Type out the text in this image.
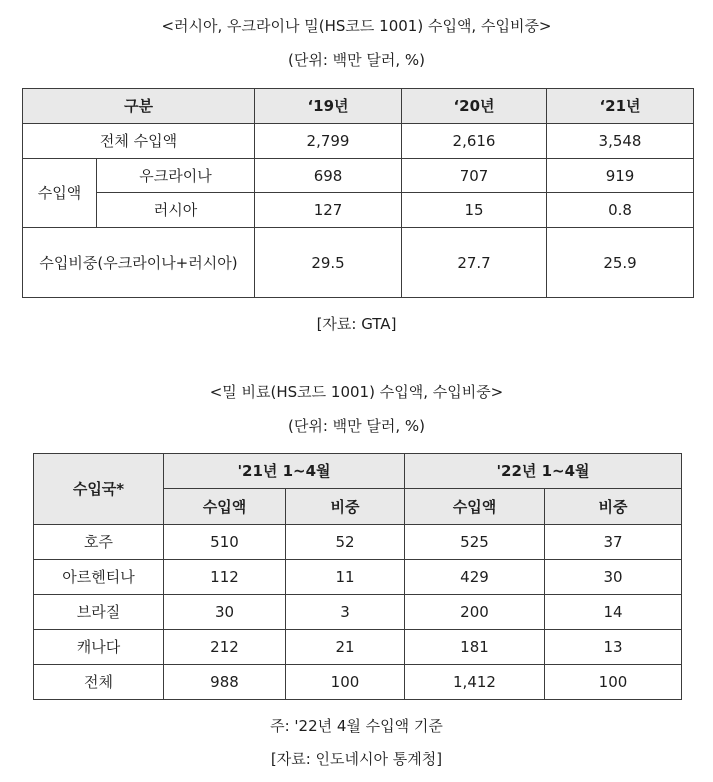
<러시아, 우크라이나 밀(HS코드 1001) 수입액, 수입비중>
(단위: 백만 달러, %)
구분		‘19년	‘20년	‘21년
전체 수입액		2,799	2,616	3,548
수입액	우크라이나	698	707	919
	러시아	127	15	0.8
수입비중(우크라이나+러시아)		29.5	27.7	25.9
[자료: GTA]
<밀 비료(HS코드 1001) 수입액, 수입비중>
(단위: 백만 달러, %)
수입국*	'21년 1~4월		'22년 1~4월	
	수입액	비중	수입액	비중
호주	510	52	525	37
아르헨티나	112	11	429	30
브라질	30	3	200	14
캐나다	212	21	181	13
전체	988	100	1,412	100
주: '22년 4월 수입액 기준
[자료: 인도네시아 통계청]
